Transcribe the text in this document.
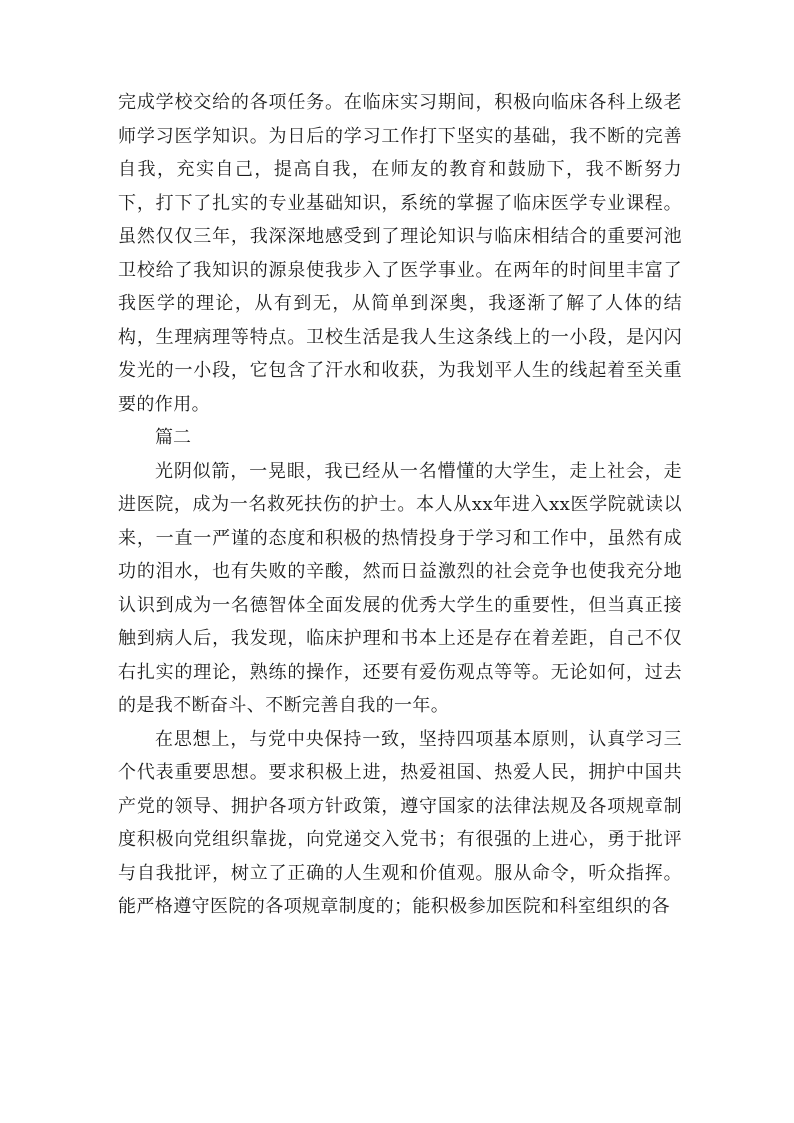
完成学校交给的各项任务。在临床实习期间，积极向临床各科上级老师学习医学知识。为日后的学习工作打下坚实的基础，我不断的完善自我，充实自己，提高自我，在师友的教育和鼓励下，我不断努力下，打下了扎实的专业基础知识，系统的掌握了临床医学专业课程。虽然仅仅三年，我深深地感受到了理论知识与临床相结合的重要河池卫校给了我知识的源泉使我步入了医学事业。在两年的时间里丰富了我医学的理论，从有到无，从简单到深奥，我逐渐了解了人体的结构，生理病理等特点。卫校生活是我人生这条线上的一小段，是闪闪发光的一小段，它包含了汗水和收获，为我划平人生的线起着至关重要的作用。

篇二

光阴似箭，一晃眼，我已经从一名懵懂的大学生，走上社会，走进医院，成为一名救死扶伤的护士。本人从xx年进入xx医学院就读以来，一直一严谨的态度和积极的热情投身于学习和工作中，虽然有成功的泪水，也有失败的辛酸，然而日益激烈的社会竞争也使我充分地认识到成为一名德智体全面发展的优秀大学生的重要性，但当真正接触到病人后，我发现，临床护理和书本上还是存在着差距，自己不仅右扎实的理论，熟练的操作，还要有爱伤观点等等。无论如何，过去的是我不断奋斗、不断完善自我的一年。

在思想上，与党中央保持一致，坚持四项基本原则，认真学习三个代表重要思想。要求积极上进，热爱祖国、热爱人民，拥护中国共产党的领导、拥护各项方针政策，遵守国家的法律法规及各项规章制度积极向党组织靠拢，向党递交入党书；有很强的上进心，勇于批评与自我批评，树立了正确的人生观和价值观。服从命令，听众指挥。能严格遵守医院的各项规章制度的；能积极参加医院和科室组织的各
